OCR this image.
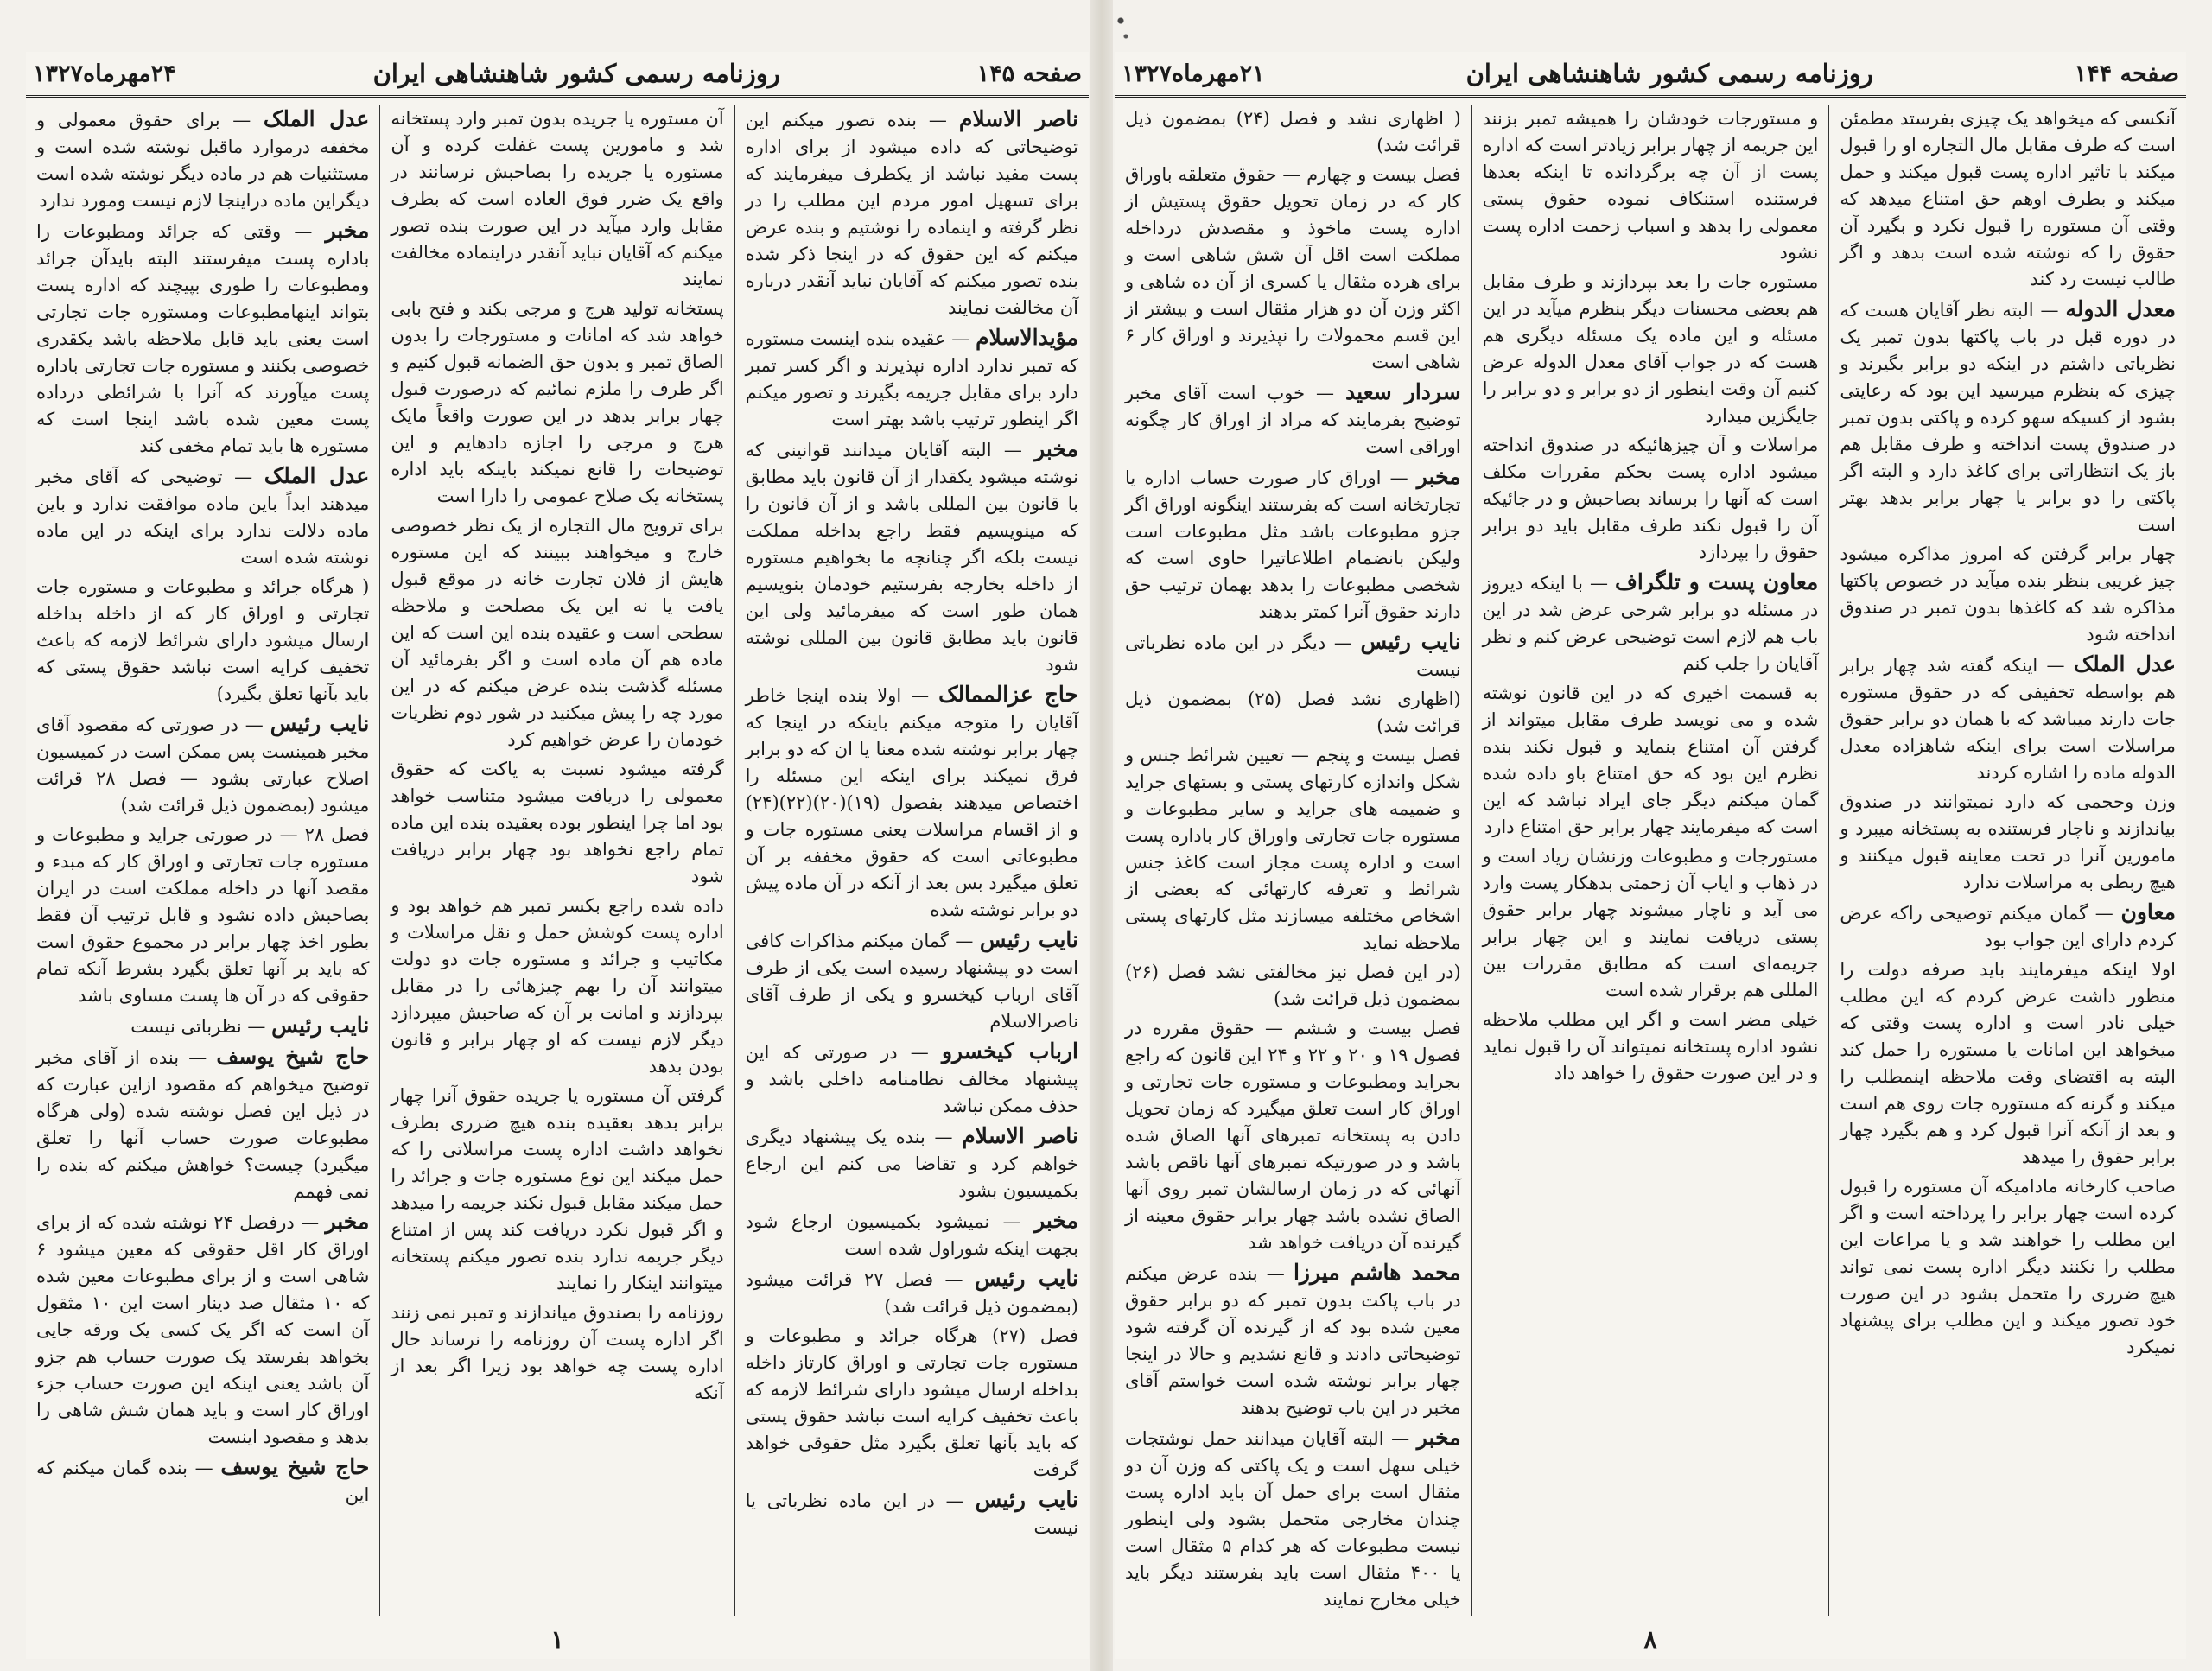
صفحه ۱۴۵
روزنامه رسمی کشور شاهنشاهی ایران
۲۴مهرماه۱۳۲۷

ناصر الاسلام — بنده تصور میکنم این توضیحاتی که داده میشود از برای اداره پست مفید نباشد از یکطرف میفرمایند که برای تسهیل امور مردم این مطلب را در نظر گرفته و اینماده را نوشتیم و بنده عرض میکنم که این حقوق که در اینجا ذکر شده بنده تصور میکنم که آقایان نباید آنقدر درباره آن مخالفت نمایند

مؤیدالاسلام — عقیده بنده اینست مستوره که تمبر ندارد اداره نپذیرند و اگر کسر تمبر دارد برای مقابل جریمه بگیرند و تصور میکنم اگر اینطور ترتیب باشد بهتر است

مخبر — البته آقایان میدانند قوانینی که نوشته میشود یکقدار از آن قانون باید مطابق با قانون بین المللی باشد و از آن قانون را که مینویسیم فقط راجع بداخله مملکت نیست بلکه اگر چنانچه ما بخواهیم مستوره از داخله بخارجه بفرستیم خودمان بنویسیم همان طور است که میفرمائید ولی این قانون باید مطابق قانون بین المللی نوشته شود

حاج عزالممالک — اولا بنده اینجا خاطر آقایان را متوجه میکنم باینکه در اینجا که چهار برابر نوشته شده معنا یا ان که دو برابر فرق نمیکند برای اینکه این مسئله را اختصاص میدهند بفصول (۱۹)(۲۰)(۲۲)(۲۴) و از اقسام مراسلات یعنی مستوره جات و مطبوعاتی است که حقوق مخففه بر آن تعلق میگیرد بس بعد از آنکه در آن ماده پیش دو برابر نوشته شده

نایب رئیس — گمان میکنم مذاکرات کافی است دو پیشنهاد رسیده است یکی از طرف آقای ارباب کیخسرو و یکی از طرف آقای ناصرالاسلام

ارباب کیخسرو — در صورتی که این پیشنهاد مخالف نظامنامه داخلی باشد و حذف ممکن نباشد

ناصر الاسلام — بنده یک پیشنهاد دیگری خواهم کرد و تقاضا می کنم این ارجاع بکمیسیون بشود

مخبر — نمیشود بکمیسیون ارجاع شود بجهت اینکه شوراول شده است

نایب رئیس — فصل ۲۷ قرائت میشود (بمضمون ذیل قرائت شد)

فصل (۲۷) هرگاه جرائد و مطبوعات و مستوره جات تجارتی و اوراق کارتاز داخله بداخله ارسال میشود دارای شرائط لازمه که باعث تخفیف کرایه است نباشد حقوق پستی که باید بآنها تعلق بگیرد مثل حقوقی خواهد گرفت

نایب رئیس — در این ماده نظرباتی یا نیست

آن مستوره یا جریده بدون تمبر وارد پستخانه شد و مامورین پست غفلت کرده و آن مستوره یا جریده را بصاحبش نرسانند در واقع یک ضرر فوق العاده است که بطرف مقابل وارد میآید در این صورت بنده تصور میکنم که آقایان نباید آنقدر دراینماده مخالفت نمایند

پستخانه تولید هرج و مرجی بکند و فتح بابی خواهد شد که امانات و مستورجات را بدون الصاق تمبر و بدون حق الضمانه قبول کنیم و اگر طرف را ملزم نمائیم که درصورت قبول چهار برابر بدهد در این صورت واقعاً مایک هرج و مرجی را اجازه دادهایم و این توضیحات را قانع نمیکند باینکه باید اداره پستخانه یک صلاح عمومی را دارا است

برای ترویج مال التجاره از یک نظر خصوصی خارج و میخواهند ببینند که این مستوره هایش از فلان تجارت خانه در موقع قبول یافت یا نه این یک مصلحت و ملاحظه سطحی است و عقیده بنده این است که این ماده هم آن ماده است و اگر بفرمائید آن مسئله گذشت بنده عرض میکنم که در این مورد چه را پیش میکنید در شور دوم نظریات خودمان را عرض خواهیم کرد

گرفته میشود نسبت به یاکت که حقوق معمولی را دریافت میشود متناسب خواهد بود اما چرا اینطور بوده بعقیده بنده این ماده تمام راجع نخواهد بود چهار برابر دریافت شود

داده شده راجع بکسر تمبر هم خواهد بود و اداره پست کوشش حمل و نقل مراسلات و مکاتیب و جرائد و مستوره جات دو دولت میتوانند آن را بهم چیزهائی را در مقابل بپردازند و امانت بر آن که صاحبش میپردازد دیگر لازم نیست که او چهار برابر و قانون بودن بدهد

گرفتن آن مستوره یا جریده حقوق آنرا چهار برابر بدهد بعقیده بنده هیچ ضرری بطرف نخواهد داشت اداره پست مراسلاتی را که حمل میکند این نوع مستوره جات و جرائد را حمل میکند مقابل قبول نکند جریمه را میدهد و اگر قبول نکرد دریافت کند پس از امتناع دیگر جریمه ندارد بنده تصور میکنم پستخانه میتوانند اینکار را نمایند

روزنامه را بصندوق میاندازند و تمبر نمی زنند اگر اداره پست آن روزنامه را نرساند حال اداره پست چه خواهد بود زیرا اگر بعد از آنکه

عدل الملک — برای حقوق معمولی و مخففه درموارد ماقبل نوشته شده است و مستثنیات هم در ماده دیگر نوشته شده است دیگراین ماده دراینجا لازم نیست ومورد ندارد

مخبر — وقتی که جرائد ومطبوعات را باداره پست میفرستند البته بایدآن جرائد ومطبوعات را طوری بپیچند که اداره پست بتواند اینهامطبوعات ومستوره جات تجارتی است یعنی باید قابل ملاحظه باشد یکقدری خصوصی بکنند و مستوره جات تجارتی باداره پست میآورند که آنرا با شرائطی درداده پست معین شده باشد اینجا است که مستوره ها باید تمام مخفی کند

عدل الملک — توضیحی که آقای مخبر میدهند ابداً باین ماده موافقت ندارد و باین ماده دلالت ندارد برای اینکه در این ماده نوشته شده است

( هرگاه جرائد و مطبوعات و مستوره جات تجارتی و اوراق کار که از داخله بداخله ارسال میشود دارای شرائط لازمه که باعث تخفیف کرایه است نباشد حقوق پستی که باید بآنها تعلق بگیرد)

نایب رئیس — در صورتی که مقصود آقای مخبر همینست پس ممکن است در کمیسیون اصلاح عبارتی بشود — فصل ۲۸ قرائت میشود (بمضمون ذیل قرائت شد)

فصل ۲۸ — در صورتی جراید و مطبوعات و مستوره جات تجارتی و اوراق کار که مبدء و مقصد آنها در داخله مملکت است در ایران بصاحبش داده نشود و قابل ترتیب آن فقط بطور اخذ چهار برابر در مجموع حقوق است که باید بر آنها تعلق بگیرد بشرط آنکه تمام حقوقی که در آن ها پست مساوی باشد

نایب رئیس — نظرباتی نیست

حاج شیخ یوسف — بنده از آقای مخبر توضیح میخواهم که مقصود ازاین عبارت که در ذیل این فصل نوشته شده (ولی هرگاه مطبوعات صورت حساب آنها را تعلق میگیرد) چیست؟ خواهش میکنم که بنده را نمی فهمم

مخبر — درفصل ۲۴ نوشته شده که از برای اوراق کار اقل حقوقی که معین میشود ۶ شاهی است و از برای مطبوعات معین شده که ۱۰ مثقال صد دینار است این ۱۰ مثقول آن است که اگر یک کسی یک ورقه جایی بخواهد بفرستد یک صورت حساب هم جزو آن باشد یعنی اینکه این صورت حساب جزء اوراق کار است و باید همان شش شاهی را بدهد و مقصود اینست

حاج شیخ یوسف — بنده گمان میکنم که این

۱
صفحه ۱۴۴
روزنامه رسمی کشور شاهنشاهی ایران
۲۱مهرماه۱۳۲۷

آنکسی که میخواهد یک چیزی بفرستد مطمئن است که طرف مقابل مال التجاره او را قبول میکند با تاثیر اداره پست قبول میکند و حمل میکند و بطرف اوهم حق امتناع میدهد که وقتی آن مستوره را قبول نکرد و بگیرد آن حقوق را که نوشته شده است بدهد و اگر طالب نیست رد کند

معدل الدوله — البته نظر آقایان هست که در دوره قبل در باب پاکتها بدون تمبر یک نظریاتی داشتم در اینکه دو برابر بگیرند و چیزی که بنظرم میرسید این بود که رعایتی بشود از کسیکه سهو کرده و پاکتی بدون تمبر در صندوق پست انداخته و طرف مقابل هم باز یک انتظاراتی برای کاغذ دارد و البته اگر پاکتی را دو برابر یا چهار برابر بدهد بهتر است

چهار برابر گرفتن که امروز مذاکره میشود چیز غریبی بنظر بنده میآید در خصوص پاکتها مذاکره شد که کاغذها بدون تمبر در صندوق انداخته شود

عدل الملک — اینکه گفته شد چهار برابر هم بواسطه تخفیفی که در حقوق مستوره جات دارند میباشد که با همان دو برابر حقوق مراسلات است برای اینکه شاهزاده معدل الدوله ماده را اشاره کردند

وزن وحجمی که دارد نمیتوانند در صندوق بیاندازند و ناچار فرستنده به پستخانه میبرد و مامورین آنرا در تحت معاینه قبول میکنند و هیچ ربطی به مراسلات ندارد

معاون — گمان میکنم توضیحی راکه عرض کردم دارای این جواب بود

اولا اینکه میفرمایند باید صرفه دولت را منظور داشت عرض کردم که این مطلب خیلی نادر است و اداره پست وقتی که میخواهد این امانات یا مستوره را حمل کند البته به اقتضای وقت ملاحظه اینمطلب را میکند و گرنه که مستوره جات روی هم است و بعد از آنکه آنرا قبول کرد و هم بگیرد چهار برابر حقوق را میدهد

صاحب کارخانه مادامیکه آن مستوره را قبول کرده است چهار برابر را پرداخته است و اگر این مطلب را خواهند شد و یا مراعات این مطلب را نکنند دیگر اداره پست نمی تواند هیچ ضرری را متحمل بشود در این صورت خود تصور میکند و این مطلب برای پیشنهاد نمیکرد

و مستورجات خودشان را همیشه تمبر بزنند این جریمه از چهار برابر زیادتر است که اداره پست از آن چه برگردانده تا اینکه بعدها فرستنده استنکاف نموده حقوق پستی معمولی را بدهد و اسباب زحمت اداره پست نشود

مستوره جات را بعد بپردازند و طرف مقابل هم بعضی محسنات دیگر بنظرم میآید در این مسئله و این ماده یک مسئله دیگری هم هست که در جواب آقای معدل الدوله عرض کنیم آن وقت اینطور از دو برابر و دو برابر را جایگزین میدارد

مراسلات و آن چیزهائیکه در صندوق انداخته میشود اداره پست بحکم مقررات مکلف است که آنها را برساند بصاحبش و در جائیکه آن را قبول نکند طرف مقابل باید دو برابر حقوق را بپردازد

معاون پست و تلگراف — با اینکه دیروز در مسئله دو برابر شرحی عرض شد در این باب هم لازم است توضیحی عرض کنم و نظر آقایان را جلب کنم

به قسمت اخیری که در این قانون نوشته شده و می نویسد طرف مقابل میتواند از گرفتن آن امتناع بنماید و قبول نکند بنده نظرم این بود که حق امتناع باو داده شده گمان میکنم دیگر جای ایراد نباشد که این است که میفرمایند چهار برابر حق امتناع دارد

مستورجات و مطبوعات وزنشان زیاد است و در ذهاب و ایاب آن زحمتی بدهکار پست وارد می آید و ناچار میشوند چهار برابر حقوق پستی دریافت نمایند و این چهار برابر جریمه‌ای است که مطابق مقررات بین المللی هم برقرار شده است

خیلی مضر است و اگر این مطلب ملاحظه نشود اداره پستخانه نمیتواند آن را قبول نماید و در این صورت حقوق را خواهد داد

( اظهاری نشد و فصل (۲۴) بمضمون ذیل قرائت شد)

فصل بیست و چهارم — حقوق متعلقه باوراق کار که در زمان تحویل حقوق پستیش از اداره پست ماخوذ و مقصدش درداخله مملکت است اقل آن شش شاهی است و برای هرده مثقال یا کسری از آن ده شاهی و اکثر وزن آن دو هزار مثقال است و بیشتر از این قسم محمولات را نپذیرند و اوراق کار ۶ شاهی است

سردار سعید — خوب است آقای مخبر توضیح بفرمایند که مراد از اوراق کار چگونه اوراقی است

مخبر — اوراق کار صورت حساب اداره یا تجارتخانه است که بفرستند اینگونه اوراق اگر جزو مطبوعات باشد مثل مطبوعات است ولیکن بانضمام اطلاعاتیرا حاوی است که شخصی مطبوعات را بدهد بهمان ترتیب حق دارند حقوق آنرا کمتر بدهند

نایب رئیس — دیگر در این ماده نظرباتی نیست

(اظهاری نشد فصل (۲۵) بمضمون ذیل قرائت شد)

فصل بیست و پنجم — تعیین شرائط جنس و شکل واندازه کارتهای پستی و بستهای جراید و ضمیمه های جراید و سایر مطبوعات و مستوره جات تجارتی واوراق کار باداره پست است و اداره پست مجاز است کاغذ جنس شرائط و تعرفه کارتهائی که بعضی از اشخاص مختلفه میسازند مثل کارتهای پستی ملاحظه نماید

(در این فصل نیز مخالفتی نشد فصل (۲۶) بمضمون ذیل قرائت شد)

فصل بیست و ششم — حقوق مقرره در فصول ۱۹ و ۲۰ و ۲۲ و ۲۴ این قانون که راجع بجراید ومطبوعات و مستوره جات تجارتی و اوراق کار است تعلق میگیرد که زمان تحویل دادن به پستخانه تمبرهای آنها الصاق شده باشد و در صورتیکه تمبرهای آنها ناقص باشد آنهائی که در زمان ارسالشان تمبر روی آنها الصاق نشده باشد چهار برابر حقوق معینه از گیرنده آن دریافت خواهد شد

محمد هاشم میرزا — بنده عرض میکنم در باب پاکت بدون تمبر که دو برابر حقوق معین شده بود که از گیرنده آن گرفته شود توضیحاتی دادند و قانع نشدیم و حالا در اینجا چهار برابر نوشته شده است خواستم آقای مخبر در این باب توضیح بدهند

مخبر — البته آقایان میدانند حمل نوشتجات خیلی سهل است و یک پاکتی که وزن آن دو مثقال است برای حمل آن باید اداره پست چندان مخارجی متحمل بشود ولی اینطور نیست مطبوعات که هر کدام ۵ مثقال است یا ۴۰۰ مثقال است باید بفرستند دیگر باید خیلی مخارج نمایند

۸
